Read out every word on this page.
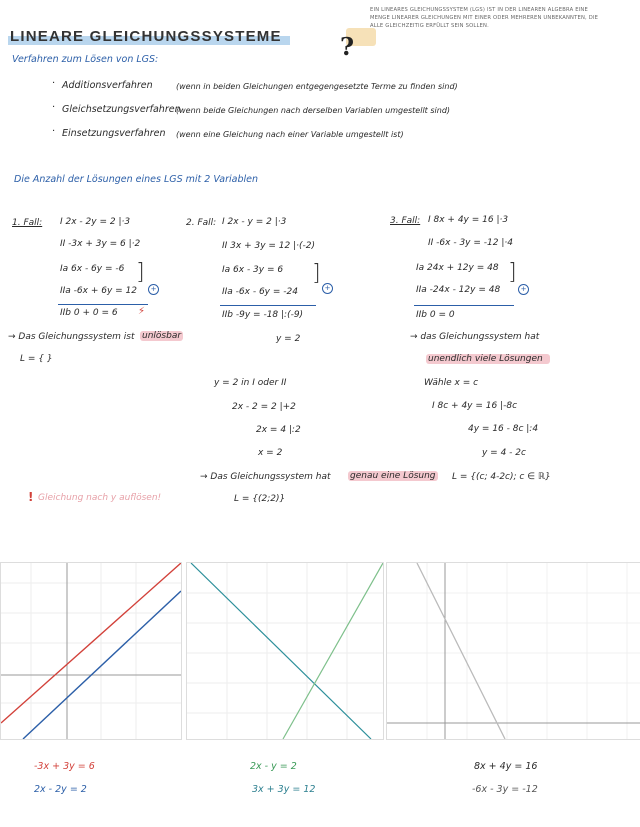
LINEARE GLEICHUNGSSYSTEME ?
EIN LINEARES GLEICHUNGSSYSTEM (LGS) IST IN DER LINEAREN ALGEBRA EINE MENGE LINEARER GLEICHUNGEN MIT EINER ODER MEHREREN UNBEKANNTEN, DIE ALLE GLEICHZEITIG ERFÜLLT SEIN SOLLEN.
Verfahren zum Lösen von LGS:
· Additionsverfahren	(wenn in beiden Gleichungen entgegengesetzte Terme zu finden sind)
· Gleichsetzungsverfahren
(wenn beide Gleichungen nach derselben Variablen umgestellt sind)
· Einsetzungsverfahren (wenn eine Gleichung nach einer Variable umgestellt ist)
Die Anzahl der Lösungen eines LGS mit 2 Variablen
1. Fall: I 2x - 2y = 2 |·3
II -3x + 3y = 6 |·2
Ia 6x - 6y = -6
IIa -6x + 6y = 12
]
+
IIb 0 + 0 = 6 ⚡
→ Das Gleichungssystem ist unlösbar
L = { }
! Gleichung nach y auflösen!
2. Fall: I 2x - y = 2 |·3
II 3x + 3y = 12 |·(-2)
Ia 6x - 3y = 6
IIa -6x - 6y = -24
]
+
IIb -9y = -18 |:(-9)
y = 2
y = 2 in I oder II
2x - 2 = 2 |+2
2x = 4 |:2
x = 2
→ Das Gleichungssystem hat genau eine Lösung
L = {(2;2)}
3. Fall: I 8x + 4y = 16 |·3
II -6x - 3y = -12 |·4
Ia 24x + 12y = 48
IIa -24x - 12y = 48
]
+
IIb 0 = 0
→ das Gleichungssystem hat
unendlich viele Lösungen
Wähle x = c
I 8c + 4y = 16 |-8c
4y = 16 - 8c |:4
y = 4 - 2c
L = {(c; 4-2c); c ∈ ℝ}
-3x + 3y = 6
2x - 2y = 2
2x - y = 2
3x + 3y = 12
8x + 4y = 16
-6x - 3y = -12
